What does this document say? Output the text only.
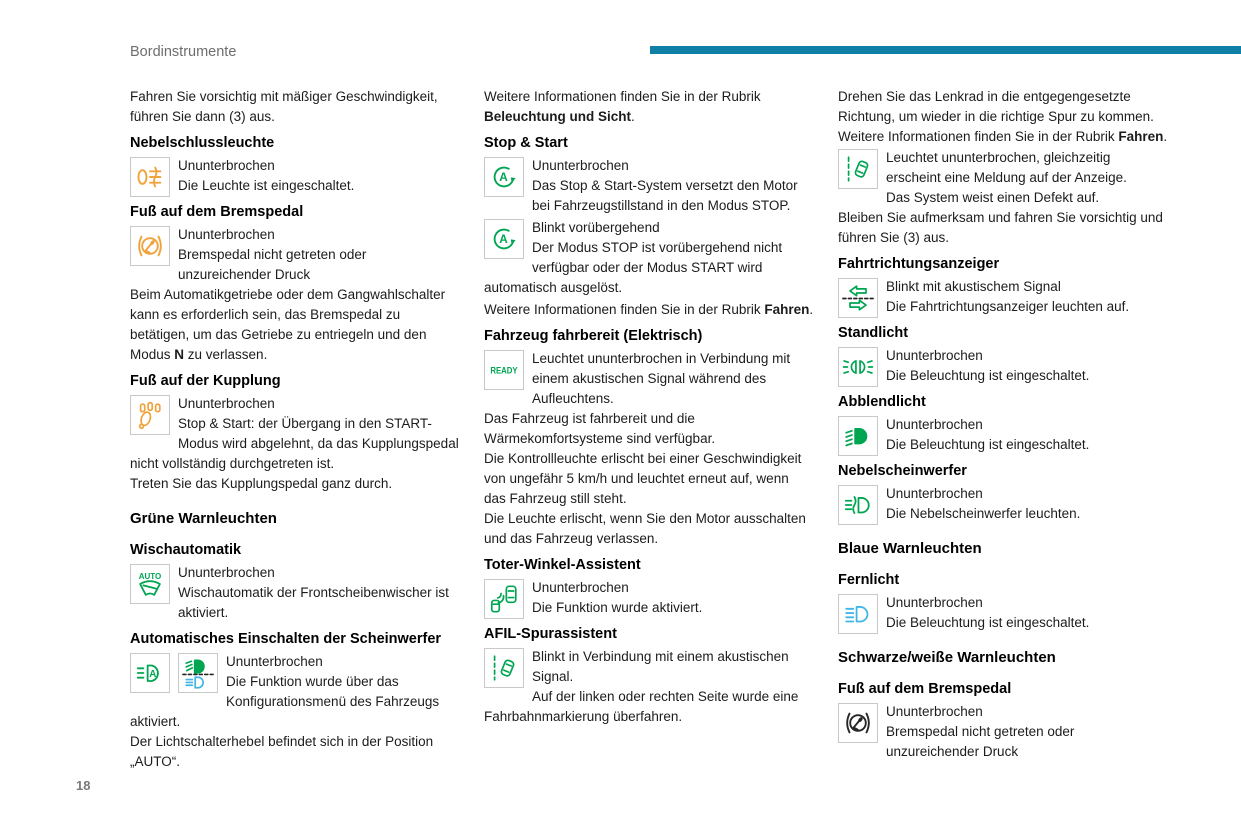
Bordinstrumente

Fahren Sie vorsichtig mit mäßiger Geschwindigkeit, führen Sie dann (3) aus.

Nebelschlussleuchte

Ununterbrochen

Die Leuchte ist eingeschaltet.

Fuß auf dem Bremspedal

Ununterbrochen

Bremspedal nicht getreten oder unzureichender Druck

Beim Automatikgetriebe oder dem Gangwahlschalter kann es erforderlich sein, das Bremspedal zu betätigen, um das Getriebe zu entriegeln und den Modus N zu verlassen.

Fuß auf der Kupplung

Ununterbrochen

Stop & Start: der Übergang in den START-Modus wird abgelehnt, da das Kupplungspedal nicht vollständig durchgetreten ist.

Treten Sie das Kupplungspedal ganz durch.

Grüne Warnleuchten
Wischautomatik
AUTO	Ununterbrochen

Wischautomatik der Frontscheibenwischer ist aktiviert.

Automatisches Einschalten der Scheinwerfer
A

Ununterbrochen

Die Funktion wurde über das Konfigurationsmenü des Fahrzeugs aktiviert.

Der Lichtschalterhebel befindet sich in der Position „AUTO“.

Weitere Informationen finden Sie in der Rubrik Beleuchtung und Sicht.

Stop & Start
A

Ununterbrochen

Das Stop & Start-System versetzt den Motor bei Fahrzeugstillstand in den Modus STOP.

A

Blinkt vorübergehend

Der Modus STOP ist vorübergehend nicht verfügbar oder der Modus START wird automatisch ausgelöst.

Weitere Informationen finden Sie in der Rubrik Fahren.

Fahrzeug fahrbereit (Elektrisch)
READY

Leuchtet ununterbrochen in Verbindung mit einem akustischen Signal während des Aufleuchtens.

Das Fahrzeug ist fahrbereit und die Wärmekomfortsysteme sind verfügbar.

Die Kontrollleuchte erlischt bei einer Geschwindigkeit von ungefähr 5 km/h und leuchtet erneut auf, wenn das Fahrzeug still steht.

Die Leuchte erlischt, wenn Sie den Motor ausschalten und das Fahrzeug verlassen.

Toter-Winkel-Assistent

Ununterbrochen

Die Funktion wurde aktiviert.

AFIL-Spurassistent

Blinkt in Verbindung mit einem akustischen Signal.

Auf der linken oder rechten Seite wurde eine Fahrbahnmarkierung überfahren.

Drehen Sie das Lenkrad in die entgegengesetzte Richtung, um wieder in die richtige Spur zu kommen.

Weitere Informationen finden Sie in der Rubrik Fahren.

Leuchtet ununterbrochen, gleichzeitig erscheint eine Meldung auf der Anzeige.

Das System weist einen Defekt auf.

Bleiben Sie aufmerksam und fahren Sie vorsichtig und führen Sie (3) aus.

Fahrtrichtungsanzeiger

Blinkt mit akustischem Signal

Die Fahrtrichtungsanzeiger leuchten auf.

Standlicht

Ununterbrochen

Die Beleuchtung ist eingeschaltet.

Abblendlicht

Ununterbrochen

Die Beleuchtung ist eingeschaltet.

Nebelscheinwerfer

Ununterbrochen

Die Nebelscheinwerfer leuchten.

Blaue Warnleuchten
Fernlicht

Ununterbrochen

Die Beleuchtung ist eingeschaltet.

Schwarze/weiße Warnleuchten
Fuß auf dem Bremspedal

Ununterbrochen

Bremspedal nicht getreten oder unzureichender Druck

18
